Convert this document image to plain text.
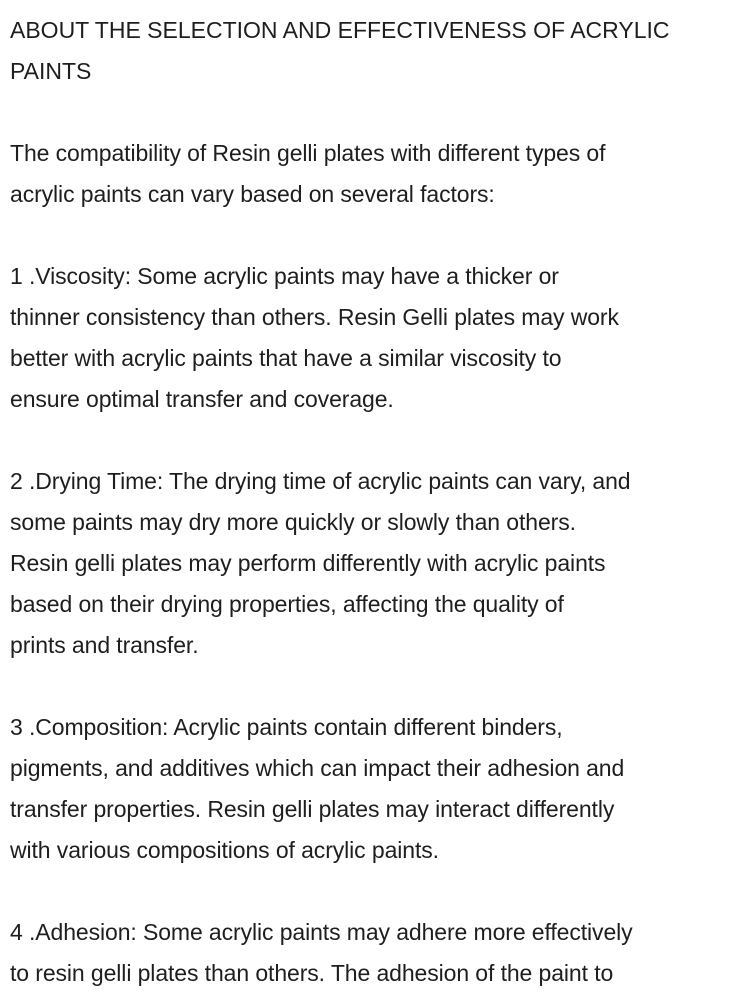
ABOUT THE SELECTION AND EFFECTIVENESS OF ACRYLIC
PAINTS

The compatibility of Resin gelli plates with different types of
acrylic paints can vary based on several factors:

1 .Viscosity: Some acrylic paints may have a thicker or
thinner consistency than others. Resin Gelli plates may work
better with acrylic paints that have a similar viscosity to
ensure optimal transfer and coverage.

2 .Drying Time: The drying time of acrylic paints can vary, and
some paints may dry more quickly or slowly than others.
Resin gelli plates may perform differently with acrylic paints
based on their drying properties, affecting the quality of
prints and transfer.

3 .Composition: Acrylic paints contain different binders,
pigments, and additives which can impact their adhesion and
transfer properties. Resin gelli plates may interact differently
with various compositions of acrylic paints.

4 .Adhesion: Some acrylic paints may adhere more effectively
to resin gelli plates than others. The adhesion of the paint to
